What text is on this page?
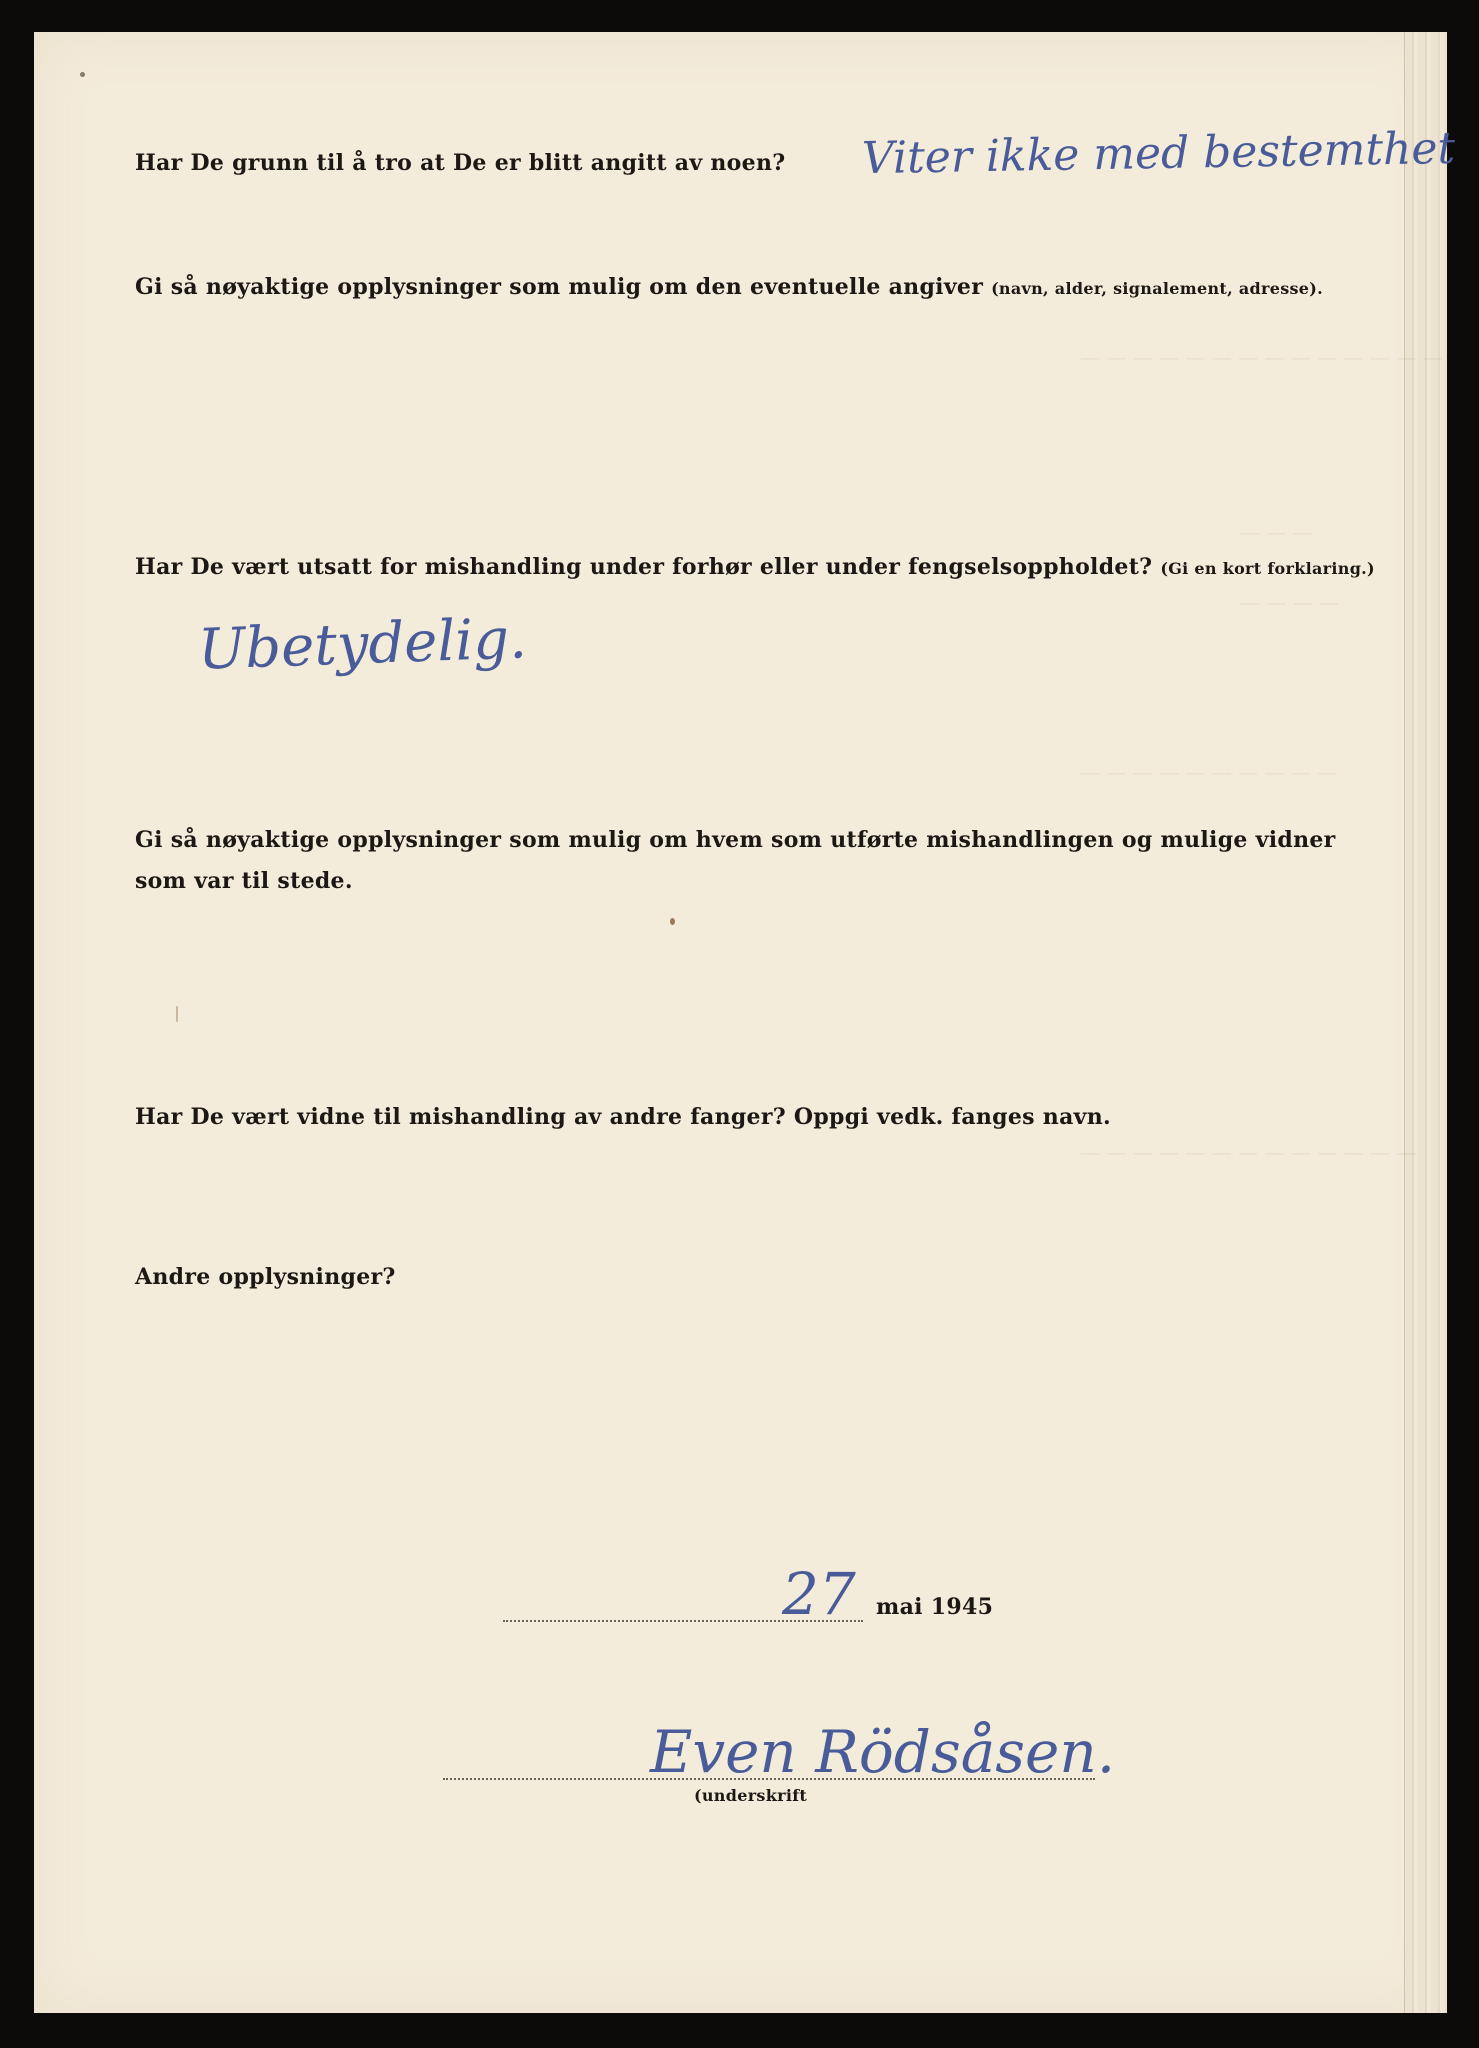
— — — — — — — — — — — — — —
— — —
— — — —
— — — — — — — — — —
— — — — — — — — — — — — —
Har De grunn til å tro at De er blitt angitt av noen? Viter ikke med bestemthet
Gi så nøyaktige opplysninger som mulig om den eventuelle angiver (navn, alder, signalement, adresse).
Har De vært utsatt for mishandling under forhør eller under fengselsoppholdet? (Gi en kort forklaring.)
Ubetydelig.
Gi så nøyaktige opplysninger som mulig om hvem som utførte mishandlingen og mulige vidner
som var til stede.
Har De vært vidne til mishandling av andre fanger? Oppgi vedk. fanges navn.
Andre opplysninger?
27 mai 1945
Even Rödsåsen.
(underskrift
